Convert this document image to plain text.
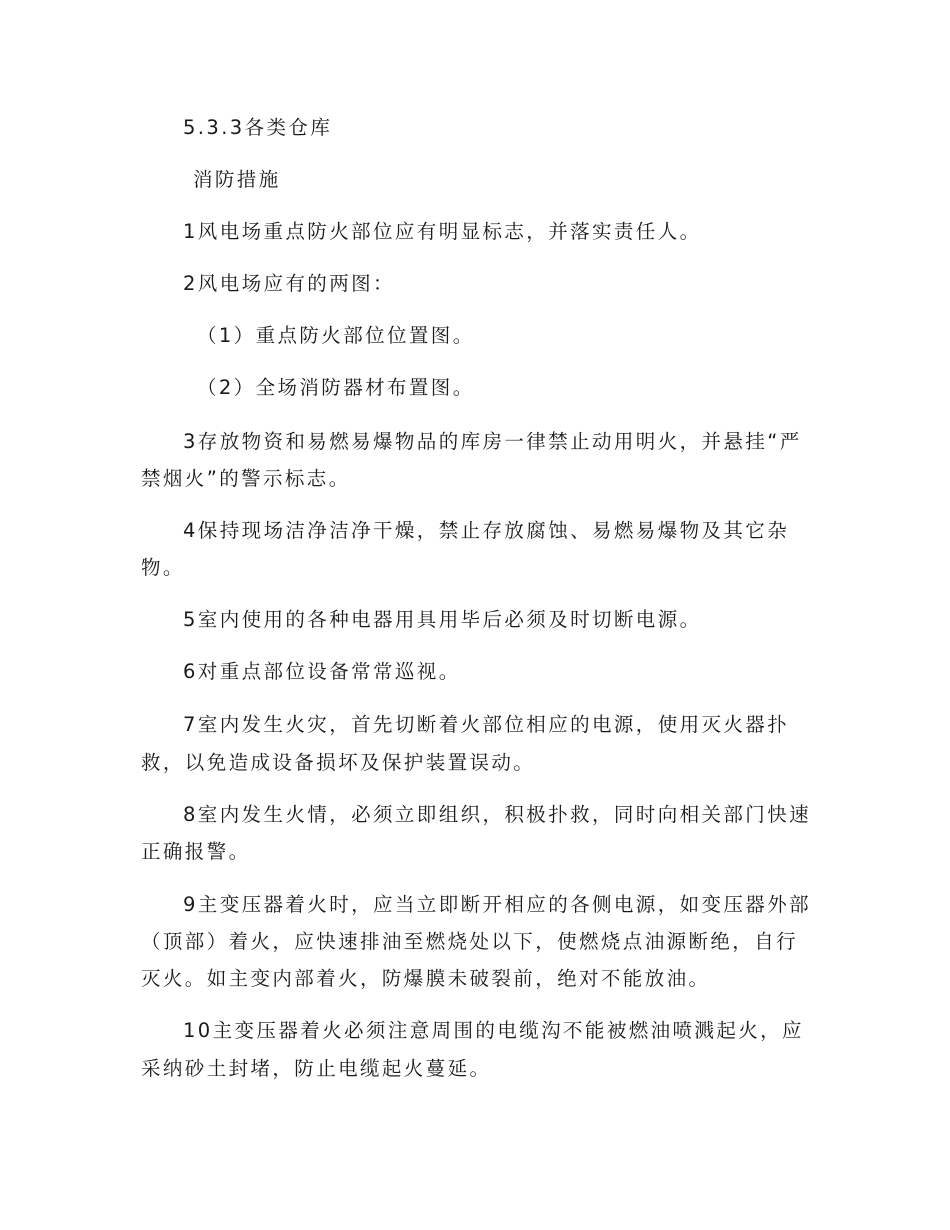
5.3.3各类仓库
消防措施
1风电场重点防火部位应有明显标志，并落实责任人。
2风电场应有的两图：
（1）重点防火部位位置图。
（2）全场消防器材布置图。
3存放物资和易燃易爆物品的库房一律禁止动用明火，并悬挂“严
禁烟火”的警示标志。
4保持现场洁净洁净干燥，禁止存放腐蚀、易燃易爆物及其它杂
物。
5室内使用的各种电器用具用毕后必须及时切断电源。
6对重点部位设备常常巡视。
7室内发生火灾，首先切断着火部位相应的电源，使用灭火器扑
救，以免造成设备损坏及保护装置误动。
8室内发生火情，必须立即组织，积极扑救，同时向相关部门快速
正确报警。
9主变压器着火时，应当立即断开相应的各侧电源，如变压器外部
（顶部）着火，应快速排油至燃烧处以下，使燃烧点油源断绝，自行
灭火。如主变内部着火，防爆膜未破裂前，绝对不能放油。
10主变压器着火必须注意周围的电缆沟不能被燃油喷溅起火，应
采纳砂土封堵，防止电缆起火蔓延。
